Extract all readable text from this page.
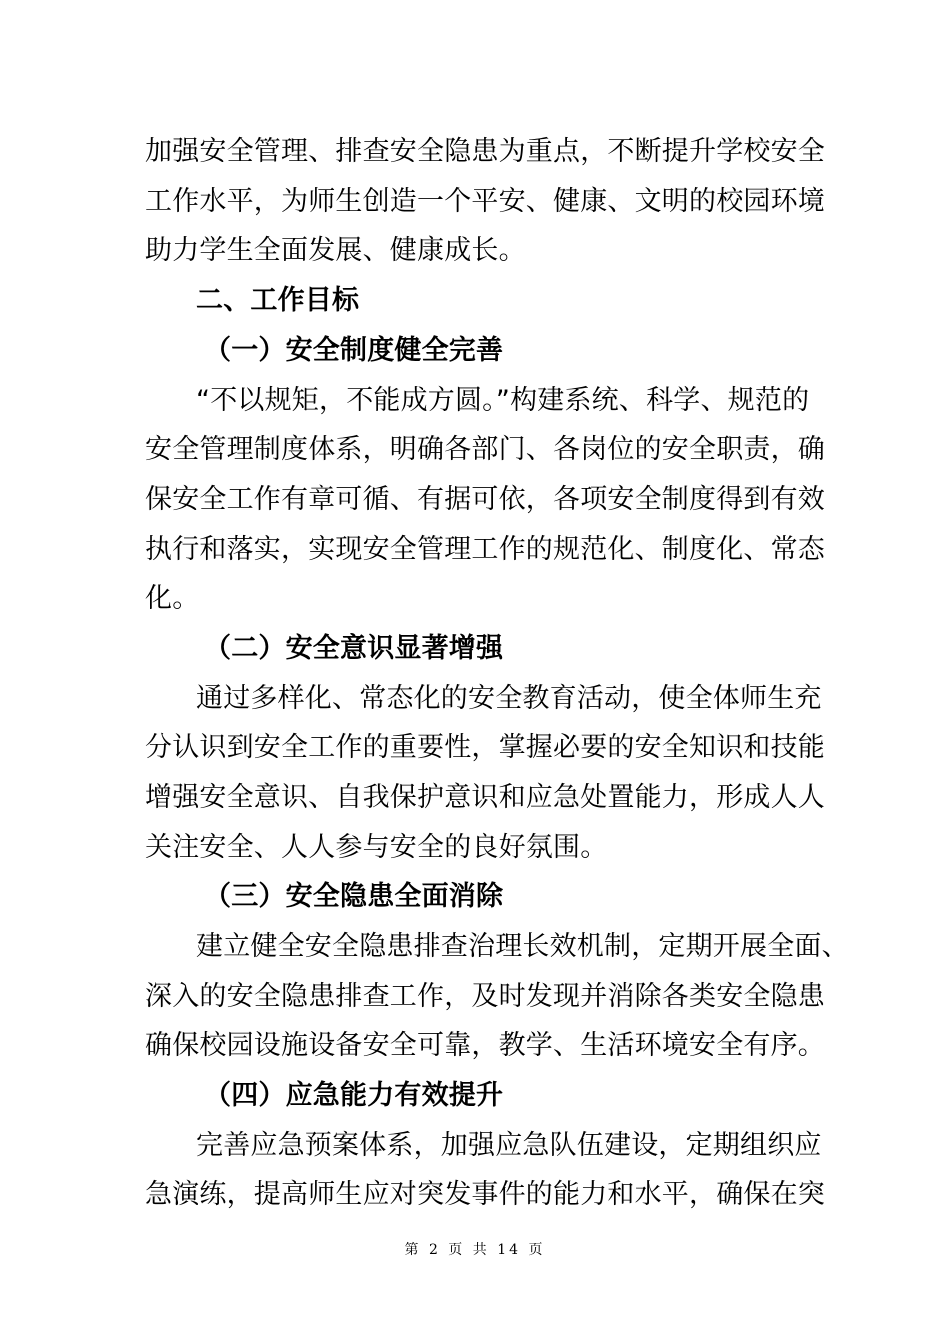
加强安全管理、排查安全隐患为重点，不断提升学校安全
工作水平，为师生创造一个平安、健康、文明的校园环境
助力学生全面发展、健康成长。
二、工作目标
（一）安全制度健全完善
“不以规矩，不能成方圆。”构建系统、科学、规范的
安全管理制度体系，明确各部门、各岗位的安全职责，确
保安全工作有章可循、有据可依，各项安全制度得到有效
执行和落实，实现安全管理工作的规范化、制度化、常态
化。
（二）安全意识显著增强
通过多样化、常态化的安全教育活动，使全体师生充
分认识到安全工作的重要性，掌握必要的安全知识和技能
增强安全意识、自我保护意识和应急处置能力，形成人人
关注安全、人人参与安全的良好氛围。
（三）安全隐患全面消除
建立健全安全隐患排查治理长效机制，定期开展全面、
深入的安全隐患排查工作，及时发现并消除各类安全隐患
确保校园设施设备安全可靠，教学、生活环境安全有序。
（四）应急能力有效提升
完善应急预案体系，加强应急队伍建设，定期组织应
急演练，提高师生应对突发事件的能力和水平，确保在突
第 2 页 共 14 页
